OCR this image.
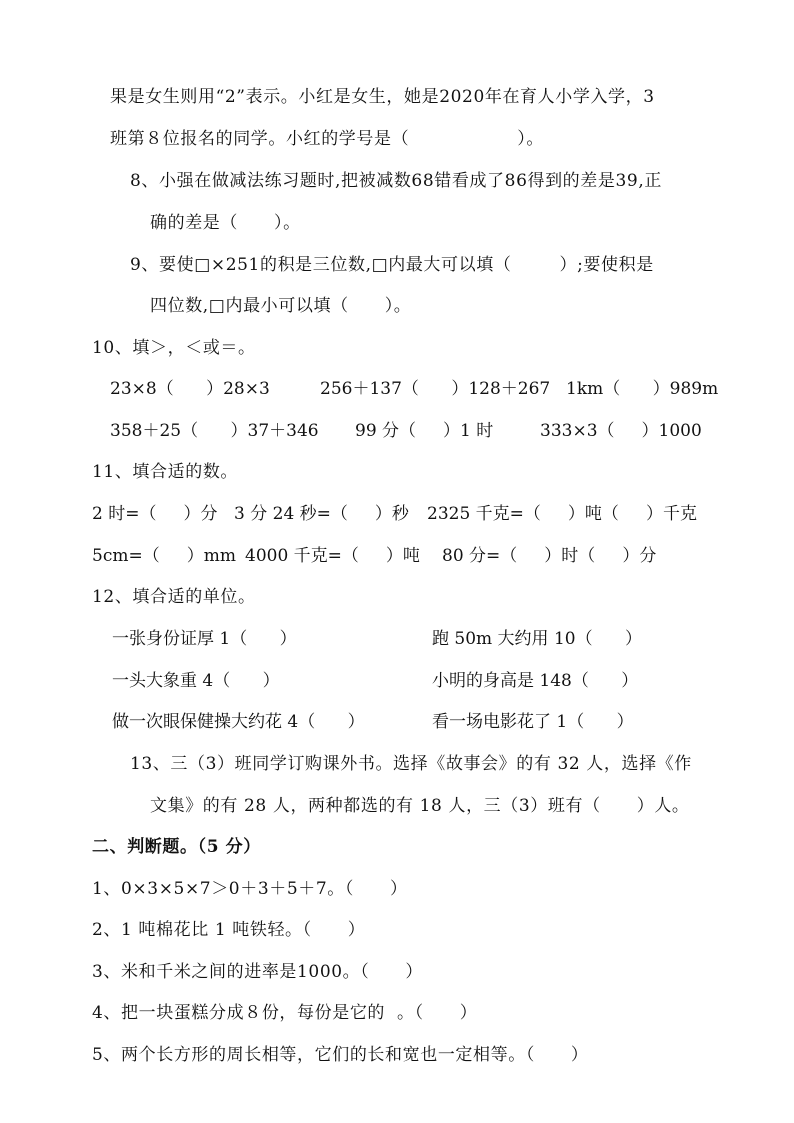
果是女生则用“2”表示。小红是女生，她是2020年在育人小学入学，3
班第８位报名的同学。小红的学号是（                  ）。
8、小强在做减法练习题时,把被减数68错看成了86得到的差是39,正
确的差是（      ）。
9、要使□×251的积是三位数,□内最大可以填（        ）;要使积是
四位数,□内最小可以填（      ）。
10、填＞，＜或＝。
23×8（      ）28×3	256＋137（      ）128＋267 1km（      ）989m
358＋25（      ）37＋346 99 分（     ）1 时	333×3（     ）1000
11、填合适的数。
2 时=（     ）分 3 分 24 秒=（     ）秒 2325 千克=（     ）吨（     ）千克
5cm=（     ）mm 4000 千克=（     ）吨 80 分=（     ）时（     ）分
12、填合适的单位。
一张身份证厚 1（      ）	跑 50m 大约用 10（      ）
一头大象重 4（      ）	小明的身高是 148（      ）
做一次眼保健操大约花 4（      ）	看一场电影花了 1（      ）
13、三（3）班同学订购课外书。选择《故事会》的有 32 人，选择《作
文集》的有 28 人，两种都选的有 18 人，三（3）班有（      ）人。
二、判断题。（5 分）
1、0×3×5×7＞0＋3＋5＋7。（      ）
2、1 吨棉花比 1 吨铁轻。（      ）
3、米和千米之间的进率是1000。（      ）
4、把一块蛋糕分成８份，每份是它的  。（      ）
5、两个长方形的周长相等，它们的长和宽也一定相等。（      ）
